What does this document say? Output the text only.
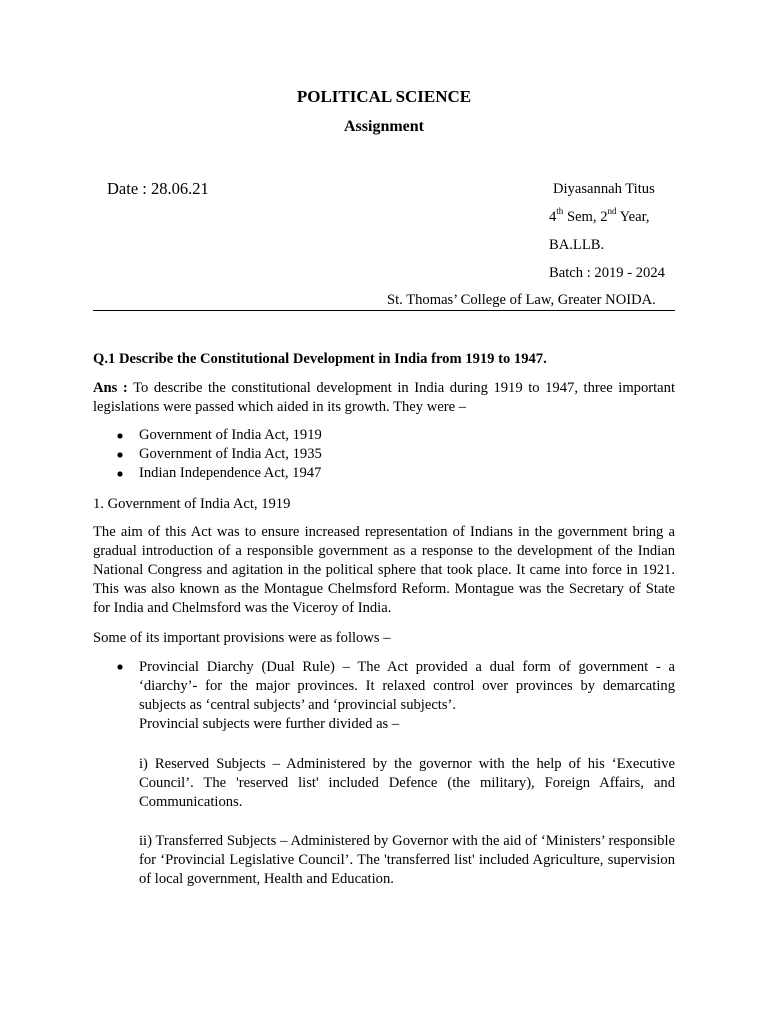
POLITICAL SCIENCE
Assignment
Date : 28.06.21	Diyasannah Titus
4th Sem, 2nd Year,
BA.LLB.
Batch : 2019 - 2024
St. Thomas’ College of Law, Greater NOIDA.
Q.1 Describe the Constitutional Development in India from 1919 to 1947.
Ans : To describe the constitutional development in India during 1919 to 1947, three important legislations were passed which aided in its growth. They were –
Government of India Act, 1919
Government of India Act, 1935
Indian Independence Act, 1947
1. Government of India Act, 1919
The aim of this Act was to ensure increased representation of Indians in the government bring a gradual introduction of a responsible government as a response to the development of the Indian National Congress and agitation in the political sphere that took place. It came into force in 1921. This was also known as the Montague Chelmsford Reform. Montague was the Secretary of State for India and Chelmsford was the Viceroy of India.
Some of its important provisions were as follows –
Provincial Diarchy (Dual Rule) – The Act provided a dual form of government - a ‘diarchy’- for the major provinces. It relaxed control over provinces by demarcating subjects as ‘central subjects’ and ‘provincial subjects’.
Provincial subjects were further divided as –
i) Reserved Subjects – Administered by the governor with the help of his ‘Executive Council’. The 'reserved list' included Defence (the military), Foreign Affairs, and Communications.
ii) Transferred Subjects – Administered by Governor with the aid of ‘Ministers’ responsible for ‘Provincial Legislative Council’. The 'transferred list' included Agriculture, supervision of local government, Health and Education.
